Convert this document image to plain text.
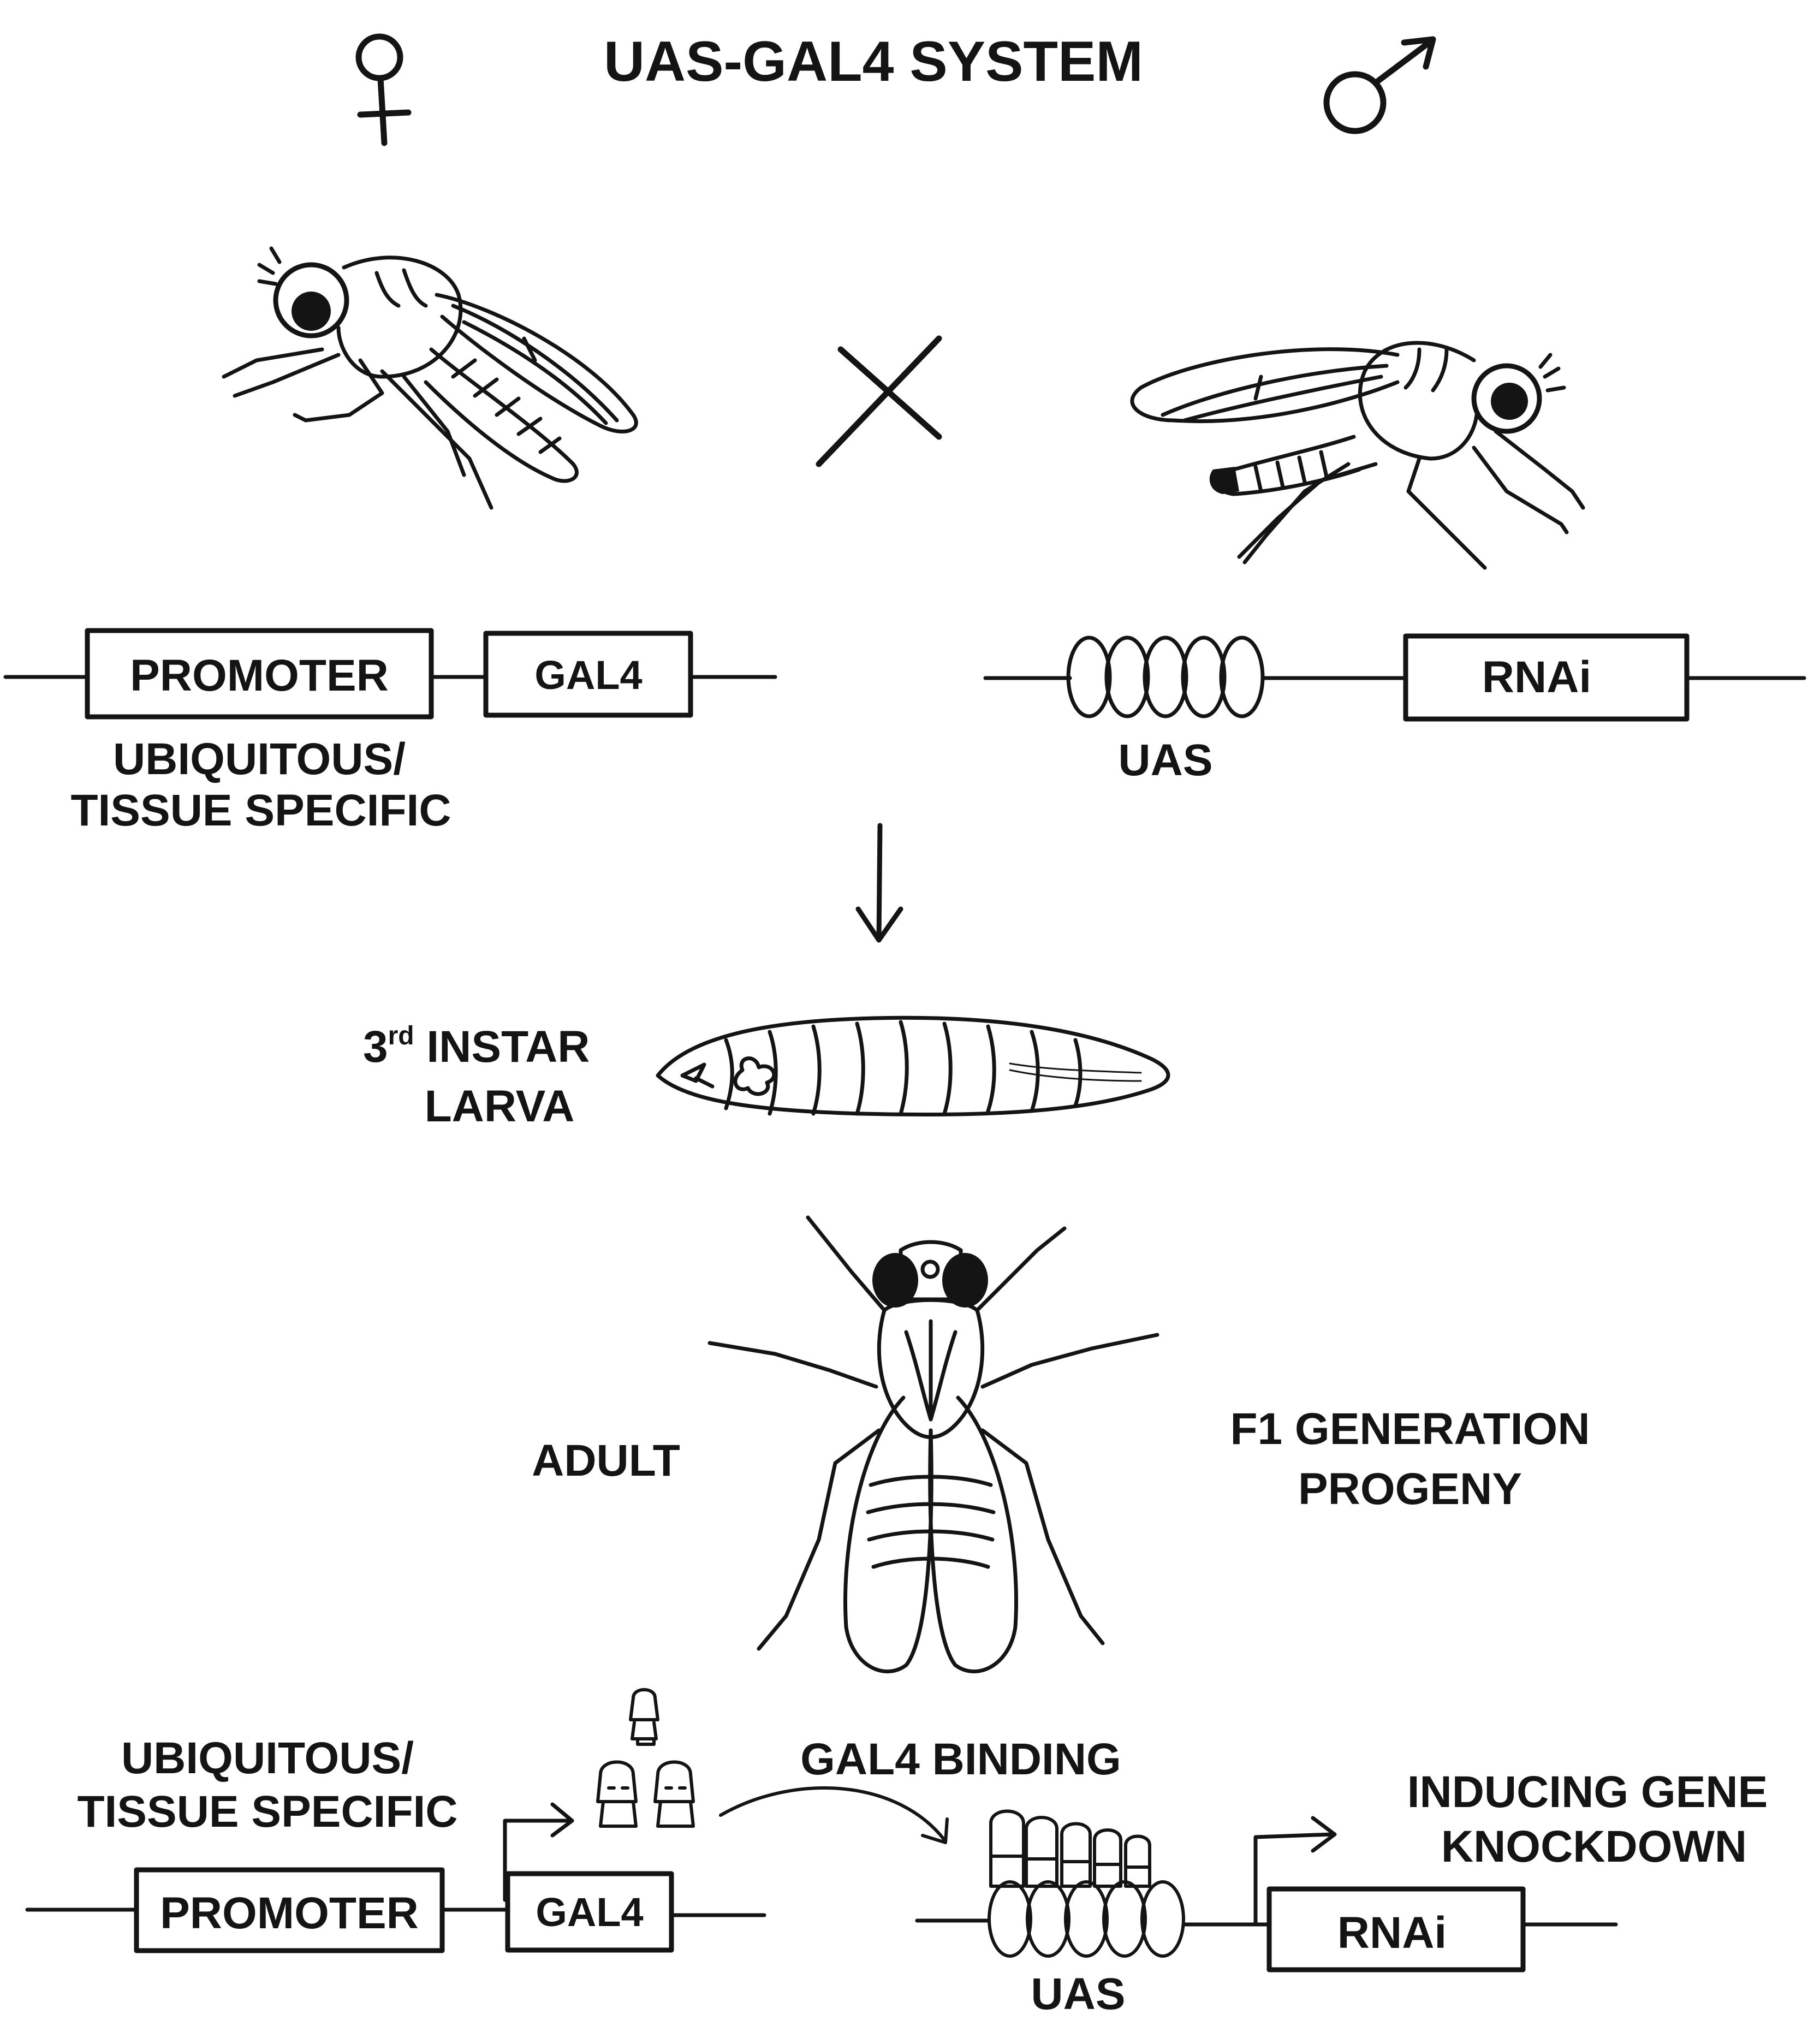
UAS-GAL4 SYSTEM
PROMOTER	GAL4
UBIQUITOUS/
TISSUE SPECIFIC
RNAi
UAS
3rd INSTAR
LARVA
ADULT
F1 GENERATION
PROGENY
UBIQUITOUS/
TISSUE SPECIFIC
PROMOTER	GAL4
GAL4 BINDING
UAS
RNAi
INDUCING GENE
KNOCKDOWN
